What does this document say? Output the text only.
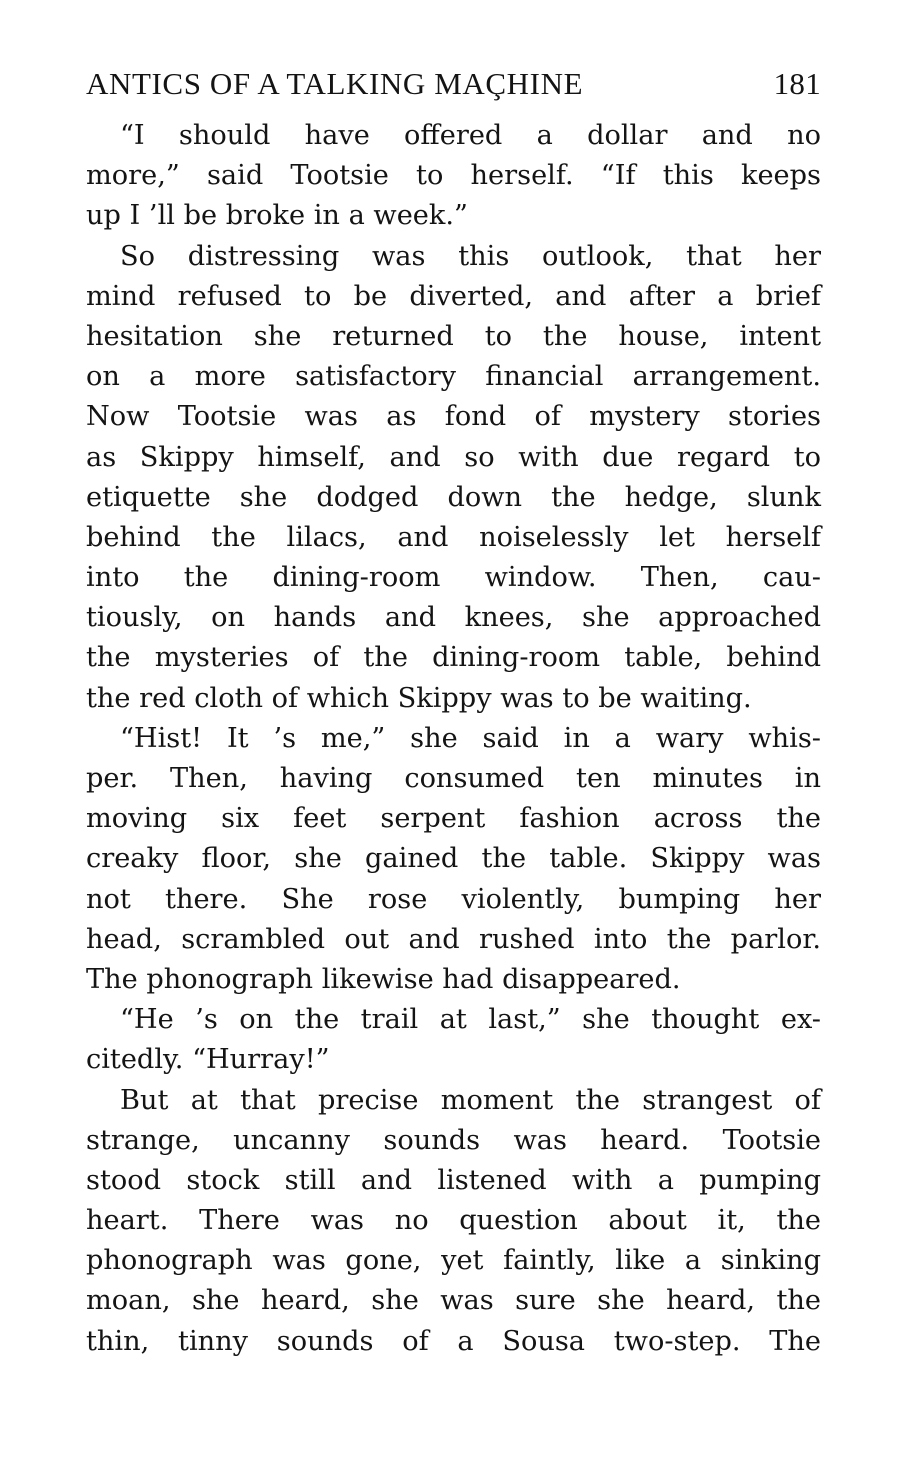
ANTICS OF A TALKING MAÇHINE	181
“I should have offered a dollar and no
more,” said Tootsie to herself. “If this keeps
up I ’ll be broke in a week.”
So distressing was this outlook, that her
mind refused to be diverted, and after a brief
hesitation she returned to the house, intent
on a more satisfactory financial arrangement.
Now Tootsie was as fond of mystery stories
as Skippy himself, and so with due regard to
etiquette she dodged down the hedge, slunk
behind the lilacs, and noiselessly let herself
into the dining-room window. Then, cau-
tiously, on hands and knees, she approached
the mysteries of the dining-room table, behind
the red cloth of which Skippy was to be waiting.
“Hist! It ’s me,” she said in a wary whis-
per. Then, having consumed ten minutes in
moving six feet serpent fashion across the
creaky floor, she gained the table. Skippy was
not there. She rose violently, bumping her
head, scrambled out and rushed into the parlor.
The phonograph likewise had disappeared.
“He ’s on the trail at last,” she thought ex-
citedly. “Hurray!”
But at that precise moment the strangest of
strange, uncanny sounds was heard. Tootsie
stood stock still and listened with a pumping
heart. There was no question about it, the
phonograph was gone, yet faintly, like a sinking
moan, she heard, she was sure she heard, the
thin, tinny sounds of a Sousa two-step. The
